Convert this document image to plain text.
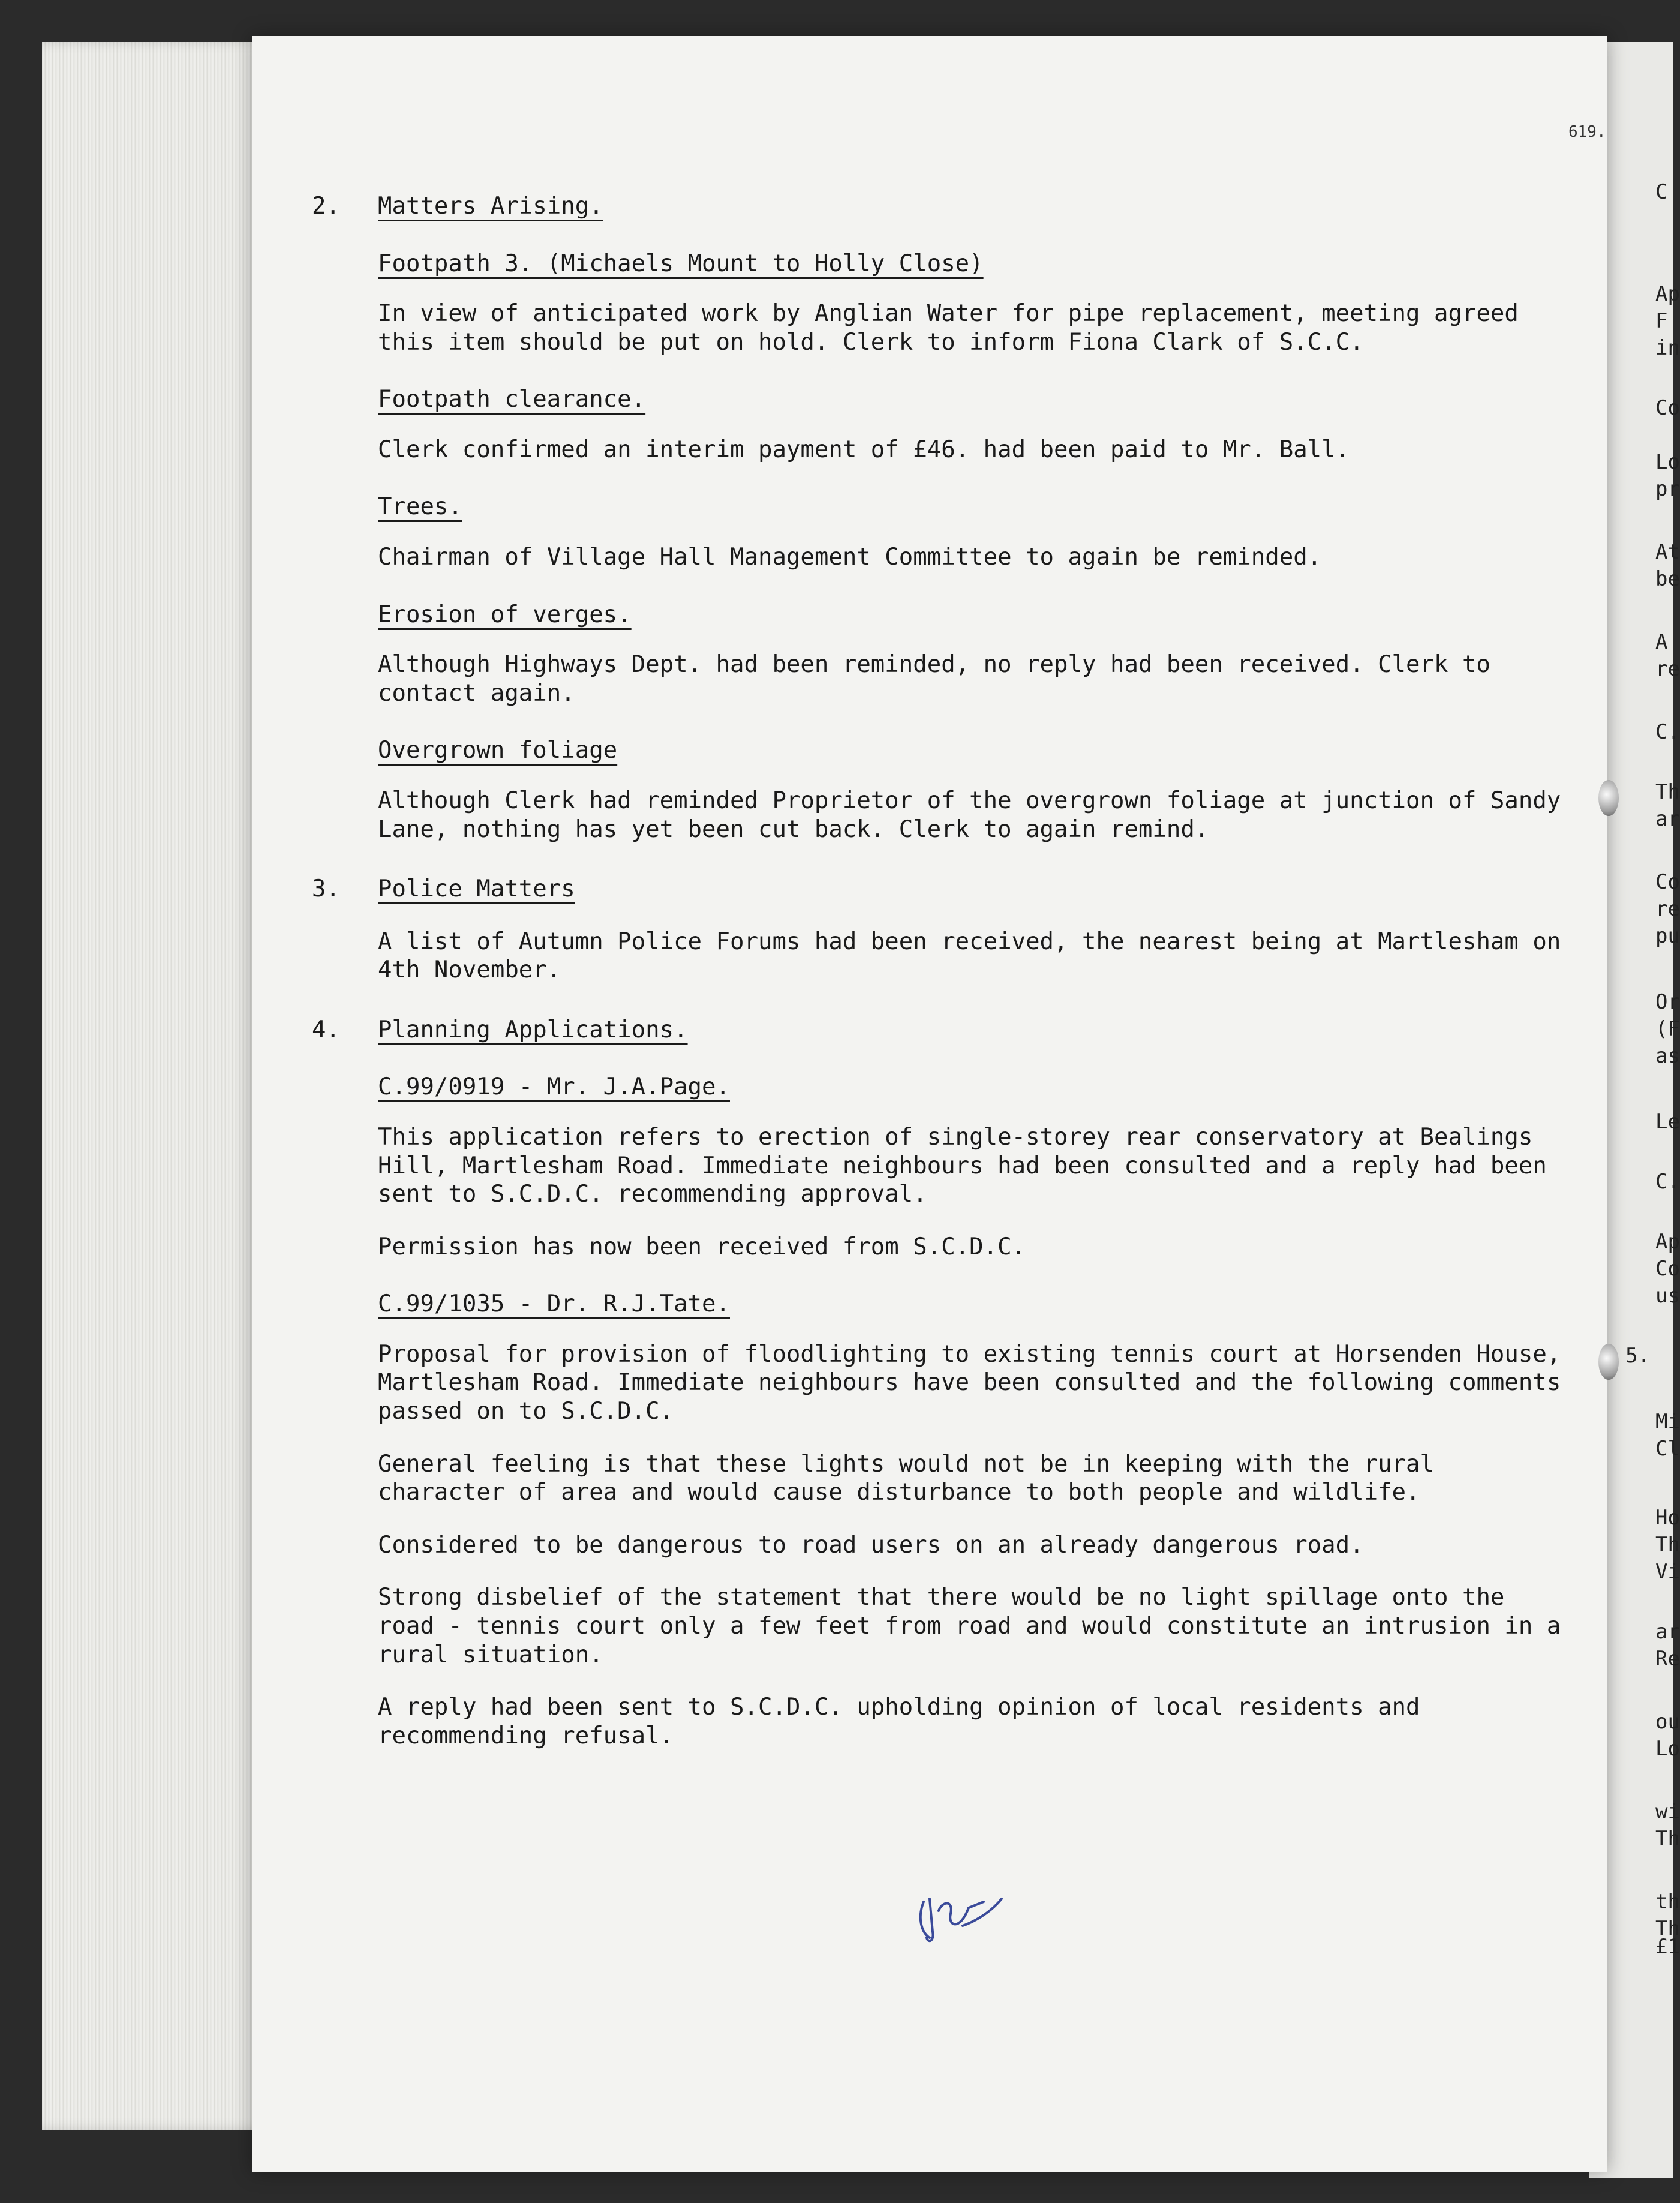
C
Ap
F
in
Co
Lo
pr
At
be
A
re
C.
Th
ar
Co
re
pu
Or
(F
as
Le
C.
Ap
Co
us
5.
Mi
Cl
Ho
Th
Vi
ar
Re
ou
Lo
wi
Th
th
Th
£1
619.
2. Matters Arising.
Footpath 3. (Michaels Mount to Holly Close)
In view of anticipated work by Anglian Water for pipe replacement, meeting agreed this item should be put on hold. Clerk to inform Fiona Clark of S.C.C.
Footpath clearance.
Clerk confirmed an interim payment of £46. had been paid to Mr. Ball.
Trees.
Chairman of Village Hall Management Committee to again be reminded.
Erosion of verges.
Although Highways Dept. had been reminded, no reply had been received. Clerk to contact again.
Overgrown foliage
Although Clerk had reminded Proprietor of the overgrown foliage at junction of Sandy Lane, nothing has yet been cut back. Clerk to again remind.
3. Police Matters
A list of Autumn Police Forums had been received, the nearest being at Martlesham on 4th November.
4. Planning Applications.
C.99/0919 - Mr. J.A.Page.
This application refers to erection of single-storey rear conservatory at Bealings Hill, Martlesham Road. Immediate neighbours had been consulted and a reply had been sent to S.C.D.C. recommending approval.
Permission has now been received from S.C.D.C.
C.99/1035 - Dr. R.J.Tate.
Proposal for provision of floodlighting to existing tennis court at Horsenden House, Martlesham Road. Immediate neighbours have been consulted and the following comments passed on to S.C.D.C.
General feeling is that these lights would not be in keeping with the rural character of area and would cause disturbance to both people and wildlife.
Considered to be dangerous to road users on an already dangerous road.
Strong disbelief of the statement that there would be no light spillage onto the road - tennis court only a few feet from road and would constitute an intrusion in a rural situation.
A reply had been sent to S.C.D.C. upholding opinion of local residents and recommending refusal.
